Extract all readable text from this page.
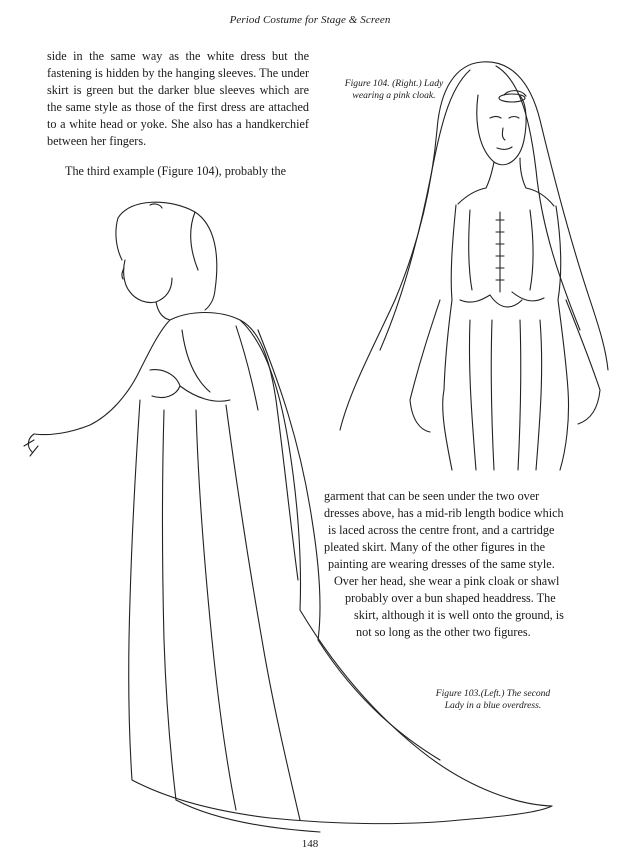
Period Costume for Stage & Screen

side in the same way as the white dress but the fastening is hidden by the hanging sleeves. The under skirt is green but the darker blue sleeves which are the same style as those of the first dress are attached to a white head or yoke. She also has a handkerchief between her fingers.

The third example (Figure 104), probably the

Figure 104. (Right.) Lady wearing a pink cloak.
garment that can be seen under the two over
dresses above, has a mid-rib length bodice which
is laced across the centre front, and a cartridge
pleated skirt. Many of the other figures in the
painting are wearing dresses of the same style.
Over her head, she wear a pink cloak or shawl
probably over a bun shaped headdress. The
skirt, although it is well onto the ground, is
not so long as the other two figures.
Figure 103.(Left.) The second Lady in a blue overdress.
148
